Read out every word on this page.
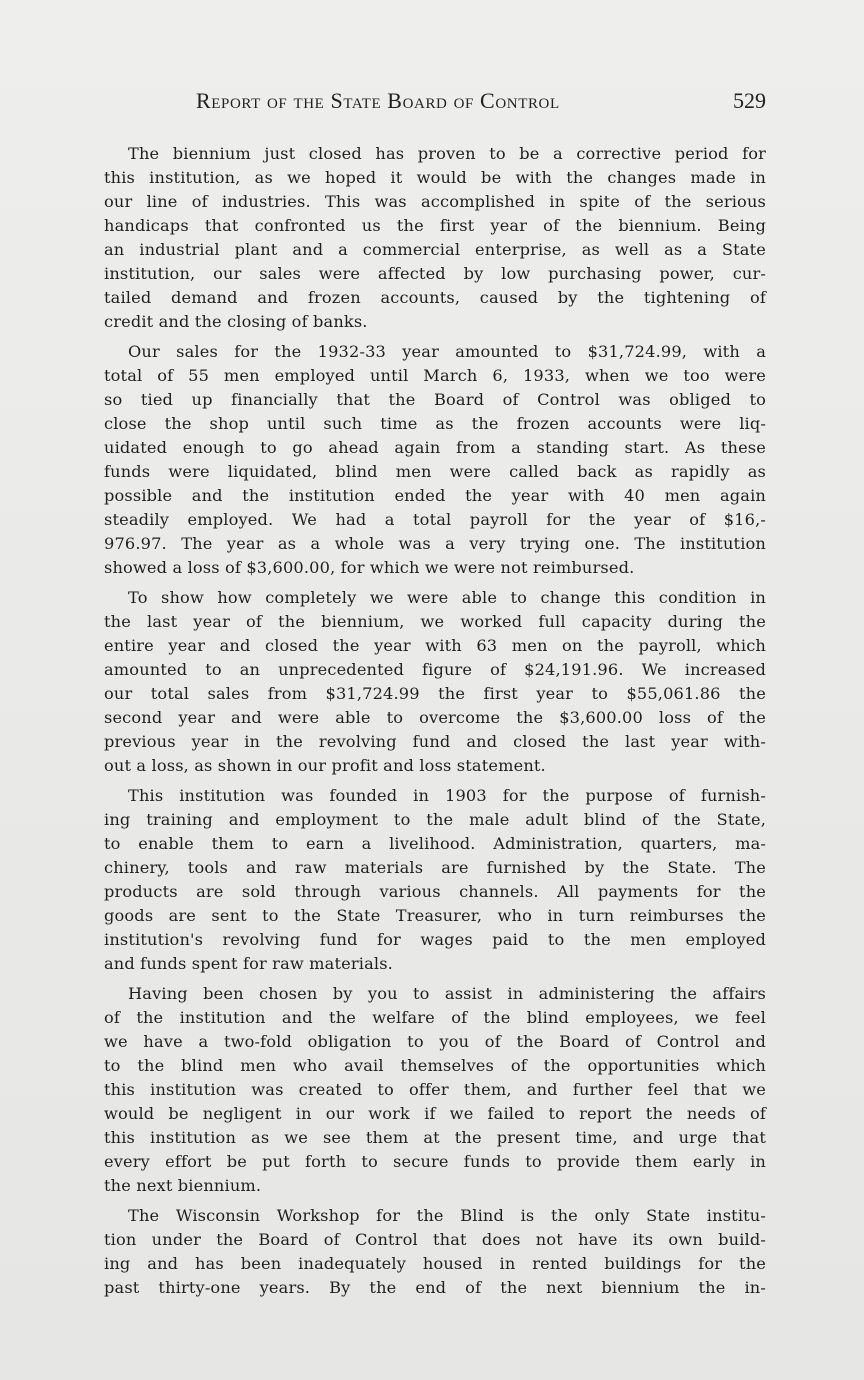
Report of the State Board of Control	529
The biennium just closed has proven to be a corrective period for
this institution, as we hoped it would be with the changes made in
our line of industries. This was accomplished in spite of the serious
handicaps that confronted us the first year of the biennium. Being
an industrial plant and a commercial enterprise, as well as a State
institution, our sales were affected by low purchasing power, cur-
tailed demand and frozen accounts, caused by the tightening of
credit and the closing of banks.
Our sales for the 1932-33 year amounted to $31,724.99, with a
total of 55 men employed until March 6, 1933, when we too were
so tied up financially that the Board of Control was obliged to
close the shop until such time as the frozen accounts were liq-
uidated enough to go ahead again from a standing start. As these
funds were liquidated, blind men were called back as rapidly as
possible and the institution ended the year with 40 men again
steadily employed. We had a total payroll for the year of $16,-
976.97. The year as a whole was a very trying one. The institution
showed a loss of $3,600.00, for which we were not reimbursed.
To show how completely we were able to change this condition in
the last year of the biennium, we worked full capacity during the
entire year and closed the year with 63 men on the payroll, which
amounted to an unprecedented figure of $24,191.96. We increased
our total sales from $31,724.99 the first year to $55,061.86 the
second year and were able to overcome the $3,600.00 loss of the
previous year in the revolving fund and closed the last year with-
out a loss, as shown in our profit and loss statement.
This institution was founded in 1903 for the purpose of furnish-
ing training and employment to the male adult blind of the State,
to enable them to earn a livelihood. Administration, quarters, ma-
chinery, tools and raw materials are furnished by the State. The
products are sold through various channels. All payments for the
goods are sent to the State Treasurer, who in turn reimburses the
institution's revolving fund for wages paid to the men employed
and funds spent for raw materials.
Having been chosen by you to assist in administering the affairs
of the institution and the welfare of the blind employees, we feel
we have a two-fold obligation to you of the Board of Control and
to the blind men who avail themselves of the opportunities which
this institution was created to offer them, and further feel that we
would be negligent in our work if we failed to report the needs of
this institution as we see them at the present time, and urge that
every effort be put forth to secure funds to provide them early in
the next biennium.
The Wisconsin Workshop for the Blind is the only State institu-
tion under the Board of Control that does not have its own build-
ing and has been inadequately housed in rented buildings for the
past thirty-one years. By the end of the next biennium the in-
